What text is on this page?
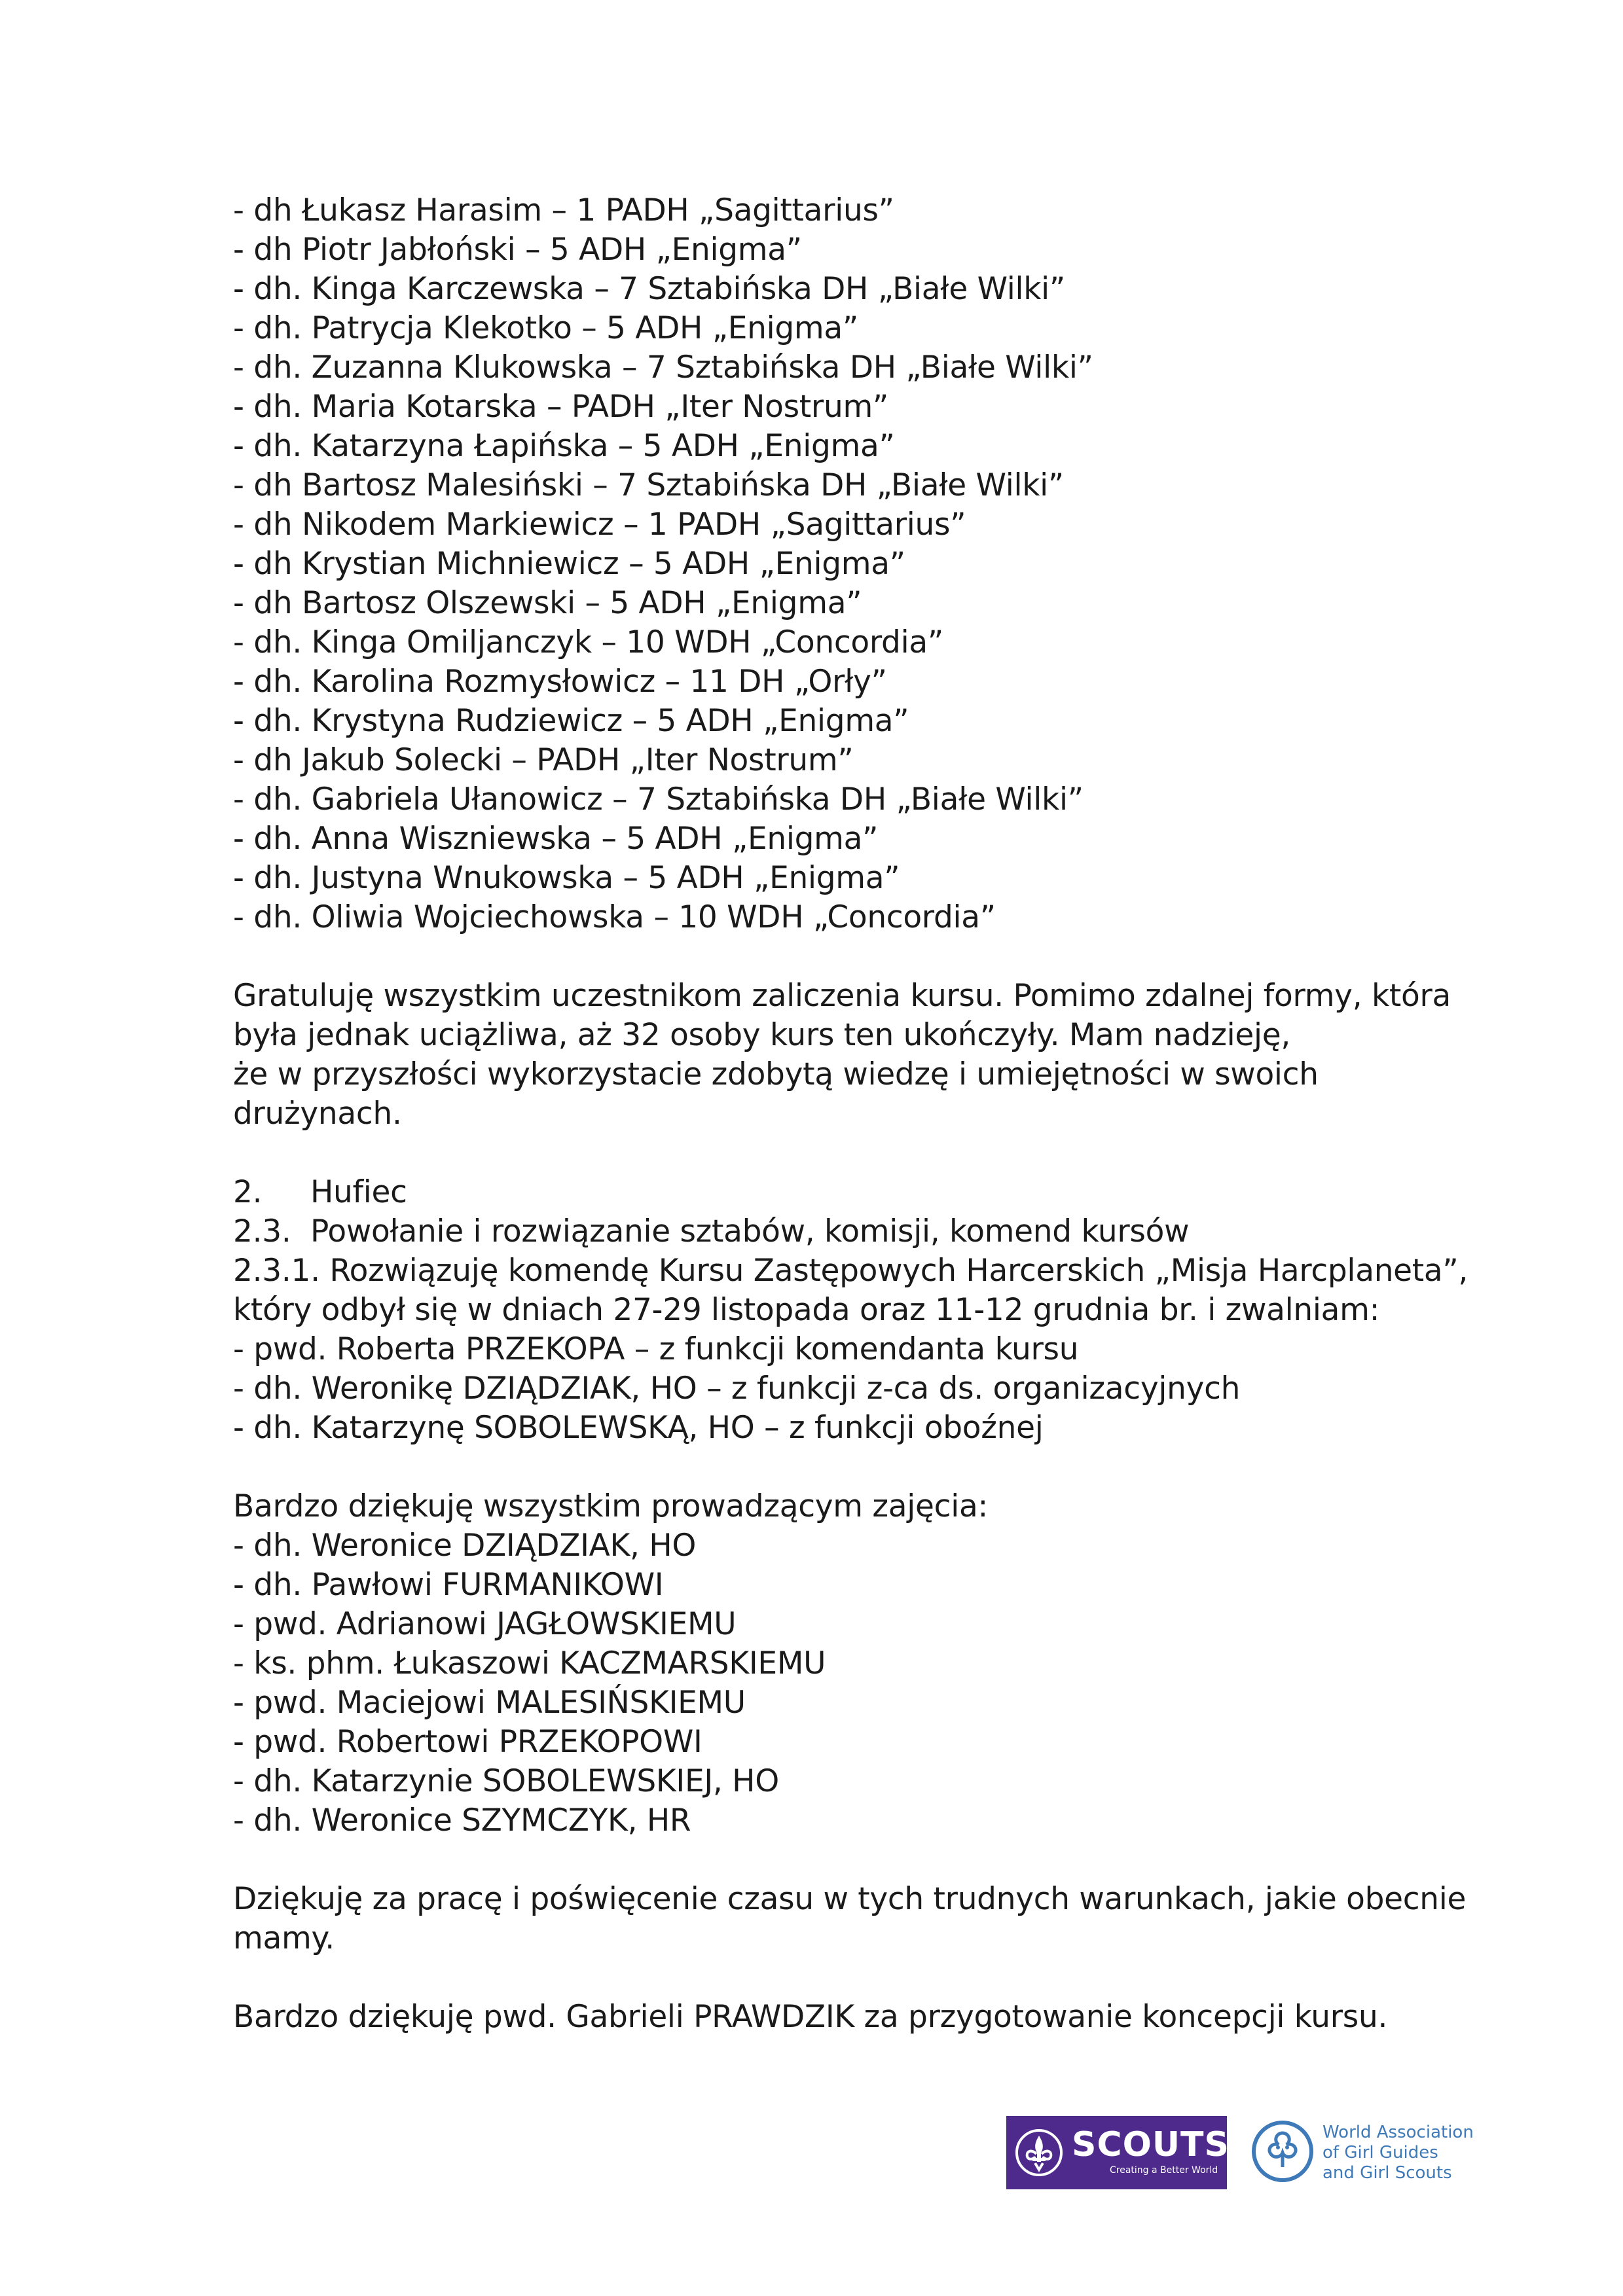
- dh Łukasz Harasim – 1 PADH „Sagittarius”
- dh Piotr Jabłoński – 5 ADH „Enigma”
- dh. Kinga Karczewska – 7 Sztabińska DH „Białe Wilki”
- dh. Patrycja Klekotko – 5 ADH „Enigma”
- dh. Zuzanna Klukowska – 7 Sztabińska DH „Białe Wilki”
- dh. Maria Kotarska – PADH „Iter Nostrum”
- dh. Katarzyna Łapińska – 5 ADH „Enigma”
- dh Bartosz Malesiński – 7 Sztabińska DH „Białe Wilki”
- dh Nikodem Markiewicz – 1 PADH „Sagittarius”
- dh Krystian Michniewicz – 5 ADH „Enigma”
- dh Bartosz Olszewski – 5 ADH „Enigma”
- dh. Kinga Omiljanczyk – 10 WDH „Concordia”
- dh. Karolina Rozmysłowicz – 11 DH „Orły”
- dh. Krystyna Rudziewicz – 5 ADH „Enigma”
- dh Jakub Solecki – PADH „Iter Nostrum”
- dh. Gabriela Ułanowicz – 7 Sztabińska DH „Białe Wilki”
- dh. Anna Wiszniewska – 5 ADH „Enigma”
- dh. Justyna Wnukowska – 5 ADH „Enigma”
- dh. Oliwia Wojciechowska – 10 WDH „Concordia”
Gratuluję wszystkim uczestnikom zaliczenia kursu. Pomimo zdalnej formy, która
była jednak uciążliwa, aż 32 osoby kurs ten ukończyły. Mam nadzieję,
że w przyszłości wykorzystacie zdobytą wiedzę i umiejętności w swoich
drużynach.
2. Hufiec
2.3. Powołanie i rozwiązanie sztabów, komisji, komend kursów
2.3.1. Rozwiązuję komendę Kursu Zastępowych Harcerskich „Misja Harcplaneta”,
który odbył się w dniach 27-29 listopada oraz 11-12 grudnia br. i zwalniam:
- pwd. Roberta PRZEKOPA – z funkcji komendanta kursu
- dh. Weronikę DZIĄDZIAK, HO – z funkcji z-ca ds. organizacyjnych
- dh. Katarzynę SOBOLEWSKĄ, HO – z funkcji oboźnej
Bardzo dziękuję wszystkim prowadzącym zajęcia:
- dh. Weronice DZIĄDZIAK, HO
- dh. Pawłowi FURMANIKOWI
- pwd. Adrianowi JAGŁOWSKIEMU
- ks. phm. Łukaszowi KACZMARSKIEMU
- pwd. Maciejowi MALESIŃSKIEMU
- pwd. Robertowi PRZEKOPOWI
- dh. Katarzynie SOBOLEWSKIEJ, HO
- dh. Weronice SZYMCZYK, HR
Dziękuję za pracę i poświęcenie czasu w tych trudnych warunkach, jakie obecnie
mamy.
Bardzo dziękuję pwd. Gabrieli PRAWDZIK za przygotowanie koncepcji kursu.
SCOUTS
Creating a Better World
World Association
of Girl Guides
and Girl Scouts
